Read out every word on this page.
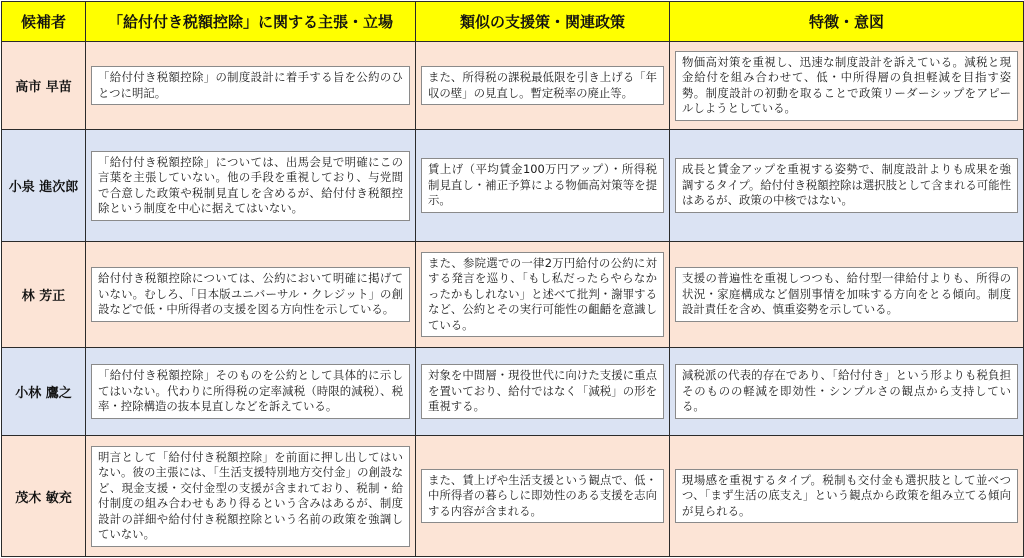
候補者	「給付付き税額控除」に関する主張・立場	類似の支援策・関連政策	特徴・意図
高市 早苗	「給付付き税額控除」の制度設計に着手する旨を公約のひとつに明記。	また、所得税の課税最低限を引き上げる「年収の壁」の見直し。暫定税率の廃止等。	物価高対策を重視し、迅速な制度設計を訴えている。減税と現金給付を組み合わせて、低・中所得層の負担軽減を目指す姿勢。制度設計の初動を取ることで政策リーダーシップをアピールしようとしている。

小泉 進次郎	「給付付き税額控除」については、出馬会見で明確にこの言葉を主張していない。他の手段を重視しており、与党間で合意した政策や税制見直しを含めるが、給付付き税額控除という制度を中心に据えてはいない。	賃上げ（平均賃金100万円アップ）・所得税制見直し・補正予算による物価高対策等を提示。	成長と賃金アップを重視する姿勢で、制度設計よりも成果を強調するタイプ。給付付き税額控除は選択肢として含まれる可能性はあるが、政策の中核ではない。

林 芳正	給付付き税額控除については、公約において明確に掲げていない。むしろ、「日本版ユニバーサル・クレジット」の創設などで低・中所得者の支援を図る方向性を示している。	また、参院選での一律2万円給付の公約に対する発言を巡り、「もし私だったらやらなかったかもしれない」と述べて批判・謝罪するなど、公約とその実行可能性の齟齬を意識している。	支援の普遍性を重視しつつも、給付型一律給付よりも、所得の状況・家庭構成など個別事情を加味する方向をとる傾向。制度設計責任を含め、慎重姿勢を示している。

小林 鷹之	「給付付き税額控除」そのものを公約として具体的に示してはいない。代わりに所得税の定率減税（時限的減税）、税率・控除構造の抜本見直しなどを訴えている。	対象を中間層・現役世代に向けた支援に重点を置いており、給付ではなく「減税」の形を重視する。	減税派の代表的存在であり、「給付付き」という形よりも税負担そのものの軽減を即効性・シンプルさの観点から支持している。

茂木 敏充	明言として「給付付き税額控除」を前面に押し出してはいない。彼の主張には、「生活支援特別地方交付金」の創設など、現金支援・交付金型の支援が含まれており、税制・給付制度の組み合わせもあり得るという含みはあるが、制度設計の詳細や給付付き税額控除という名前の政策を強調していない。	また、賃上げや生活支援という観点で、低・中所得者の暮らしに即効性のある支援を志向する内容が含まれる。	現場感を重視するタイプ。税制も交付金も選択肢として並べつつ、「まず生活の底支え」という観点から政策を組み立てる傾向が見られる。
